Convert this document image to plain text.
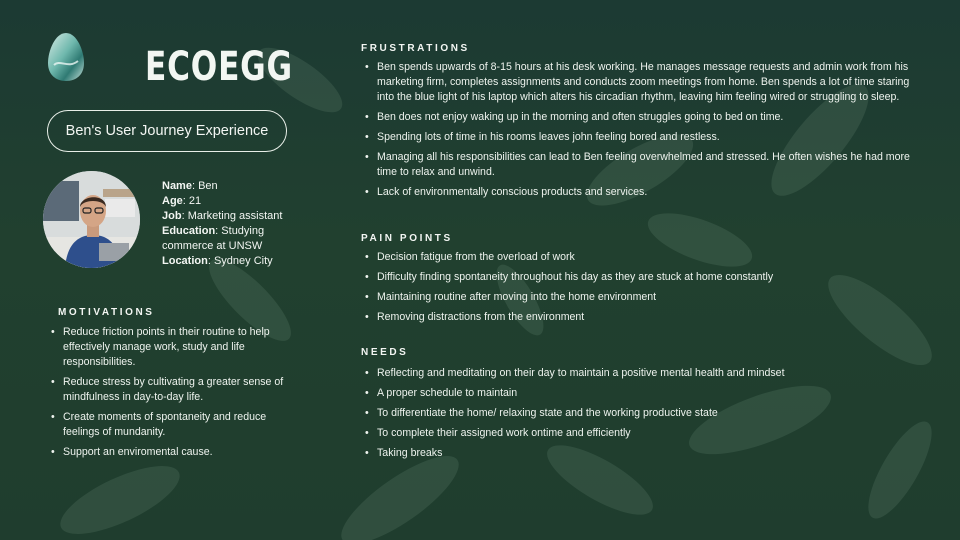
ECOEGG
Ben's User Journey Experience
Name: Ben
Age: 21
Job: Marketing assistant
Education: Studying commerce at UNSW
Location: Sydney City
MOTIVATIONS
• Reduce friction points in their routine to help effectively manage work, study and life responsibilities.
• Reduce stress by cultivating a greater sense of mindfulness in day-to-day life.
• Create moments of spontaneity and reduce feelings of mundanity.
• Support an enviromental cause.
FRUSTRATIONS
• Ben spends upwards of 8-15 hours at his desk working. He manages message requests and admin work from his marketing firm, completes assignments and conducts zoom meetings from home. Ben spends a lot of time staring into the blue light of his laptop which alters his circadian rhythm, leaving him feeling wired or struggling to sleep.
• Ben does not enjoy waking up in the morning and often struggles going to bed on time.
• Spending lots of time in his rooms leaves john feeling bored and restless.
• Managing all his responsibilities can lead to Ben feeling overwhelmed and stressed. He often wishes he had more time to relax and unwind.
• Lack of environmentally conscious products and services.
PAIN POINTS
• Decision fatigue from the overload of work
• Difficulty finding spontaneity throughout his day as they are stuck at home constantly
• Maintaining routine after moving into the home environment
• Removing distractions from the environment
NEEDS
• Reflecting and meditating on their day to maintain a positive mental health and mindset
• A proper schedule to maintain
• To differentiate the home/ relaxing state and the working productive state
• To complete their assigned work ontime and efficiently
• Taking breaks
